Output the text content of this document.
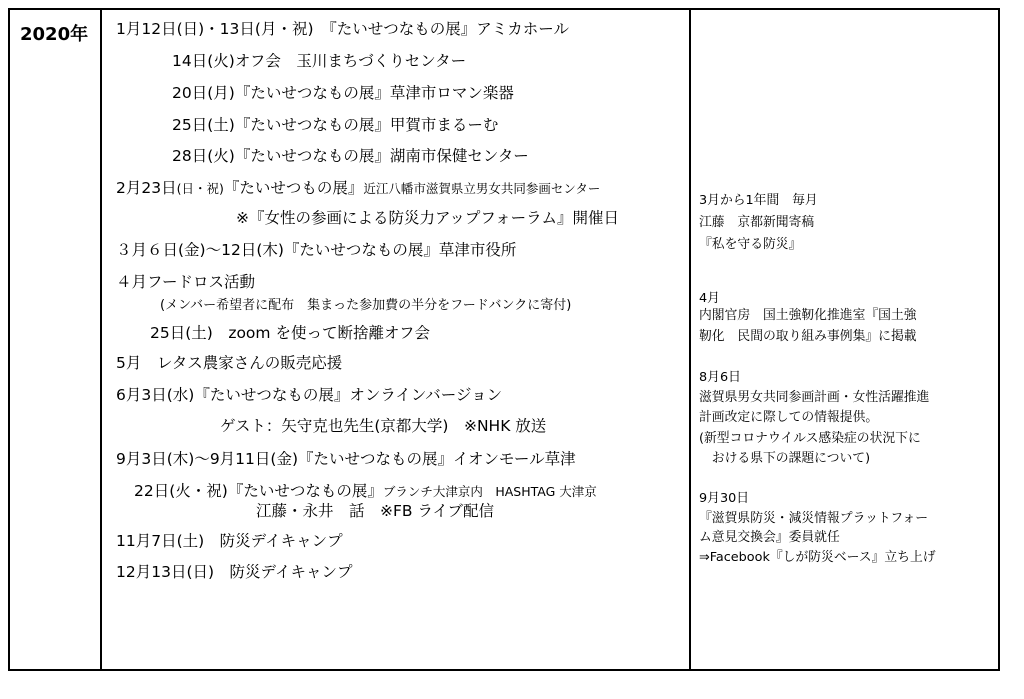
2020年 1月12日(日)・13日(月・祝)　『たいせつなもの展』アミカホール
14日(火)オフ会　玉川まちづくりセンター
20日(月)『たいせつなもの展』草津市ロマン楽器
25日(土)『たいせつなもの展』甲賀市まるーむ
28日(火)『たいせつなもの展』湖南市保健センター
2月23日(日・祝)『たいせつもの展』近江八幡市滋賀県立男女共同参画センター
※『女性の参画による防災力アップフォーラム』開催日
３月６日(金)～12日(木)『たいせつなもの展』草津市役所
４月フードロス活動
(メンバー希望者に配布　集まった参加費の半分をフードバンクに寄付)
25日(土)　zoom を使って断捨離オフ会
5月　レタス農家さんの販売応援
6月3日(水)『たいせつなもの展』オンラインバージョン
ゲスト：矢守克也先生(京都大学)　※NHK 放送
9月3日(木)～9月11日(金)『たいせつなもの展』イオンモール草津
22日(火・祝)『たいせつなもの展』ブランチ大津京内　HASHTAG 大津京
江藤・永井　話　※FB ライブ配信
11月7日(土)　防災デイキャンプ
12月13日(日)　防災デイキャンプ
3月から1年間　毎月
江藤　京都新聞寄稿
『私を守る防災』
4月
内閣官房　国土強靭化推進室『国土強
靭化　民間の取り組み事例集』に掲載
8月6日
滋賀県男女共同参画計画・女性活躍推進
計画改定に際しての情報提供。
(新型コロナウイルス感染症の状況下に
　おける県下の課題について)
9月30日
『滋賀県防災・減災情報プラットフォー
ム意見交換会』委員就任
⇒Facebook『しが防災ベース』立ち上げ
